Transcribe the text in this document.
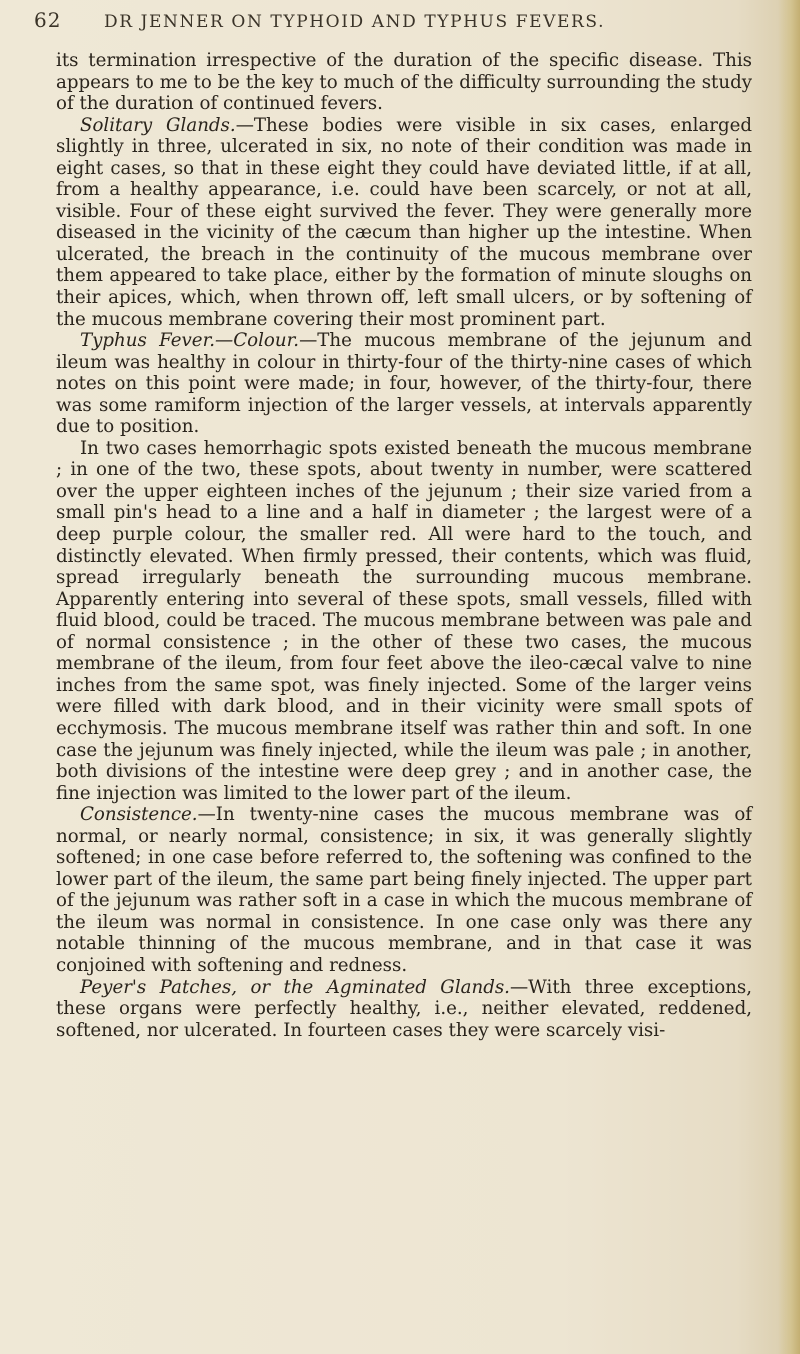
62	DR JENNER ON TYPHOID AND TYPHUS FEVERS.

its termination irrespective of the duration of the specific disease. This appears to me to be the key to much of the difficulty surrounding the study of the duration of continued fevers.

Solitary Glands.—These bodies were visible in six cases, enlarged slightly in three, ulcerated in six, no note of their condition was made in eight cases, so that in these eight they could have deviated little, if at all, from a healthy appearance, i.e. could have been scarcely, or not at all, visible. Four of these eight survived the fever. They were generally more diseased in the vicinity of the cæcum than higher up the intestine. When ulcerated, the breach in the continuity of the mucous membrane over them appeared to take place, either by the formation of minute sloughs on their apices, which, when thrown off, left small ulcers, or by softening of the mucous membrane covering their most prominent part.

Typhus Fever.—Colour.—The mucous membrane of the jejunum and ileum was healthy in colour in thirty-four of the thirty-nine cases of which notes on this point were made; in four, however, of the thirty-four, there was some ramiform injection of the larger vessels, at intervals apparently due to position.

In two cases hemorrhagic spots existed beneath the mucous membrane ; in one of the two, these spots, about twenty in number, were scattered over the upper eighteen inches of the jejunum ; their size varied from a small pin's head to a line and a half in diameter ; the largest were of a deep purple colour, the smaller red. All were hard to the touch, and distinctly elevated. When firmly pressed, their contents, which was fluid, spread irregularly beneath the surrounding mucous membrane. Apparently entering into several of these spots, small vessels, filled with fluid blood, could be traced. The mucous membrane between was pale and of normal consistence ; in the other of these two cases, the mucous membrane of the ileum, from four feet above the ileo-cæcal valve to nine inches from the same spot, was finely injected. Some of the larger veins were filled with dark blood, and in their vicinity were small spots of ecchymosis. The mucous membrane itself was rather thin and soft. In one case the jejunum was finely injected, while the ileum was pale ; in another, both divisions of the intestine were deep grey ; and in another case, the fine injection was limited to the lower part of the ileum.

Consistence.—In twenty-nine cases the mucous membrane was of normal, or nearly normal, consistence; in six, it was generally slightly softened; in one case before referred to, the softening was confined to the lower part of the ileum, the same part being finely injected. The upper part of the jejunum was rather soft in a case in which the mucous membrane of the ileum was normal in consistence. In one case only was there any notable thinning of the mucous membrane, and in that case it was conjoined with softening and redness.

Peyer's Patches, or the Agminated Glands.—With three exceptions, these organs were perfectly healthy, i.e., neither elevated, reddened, softened, nor ulcerated. In fourteen cases they were scarcely visi-
